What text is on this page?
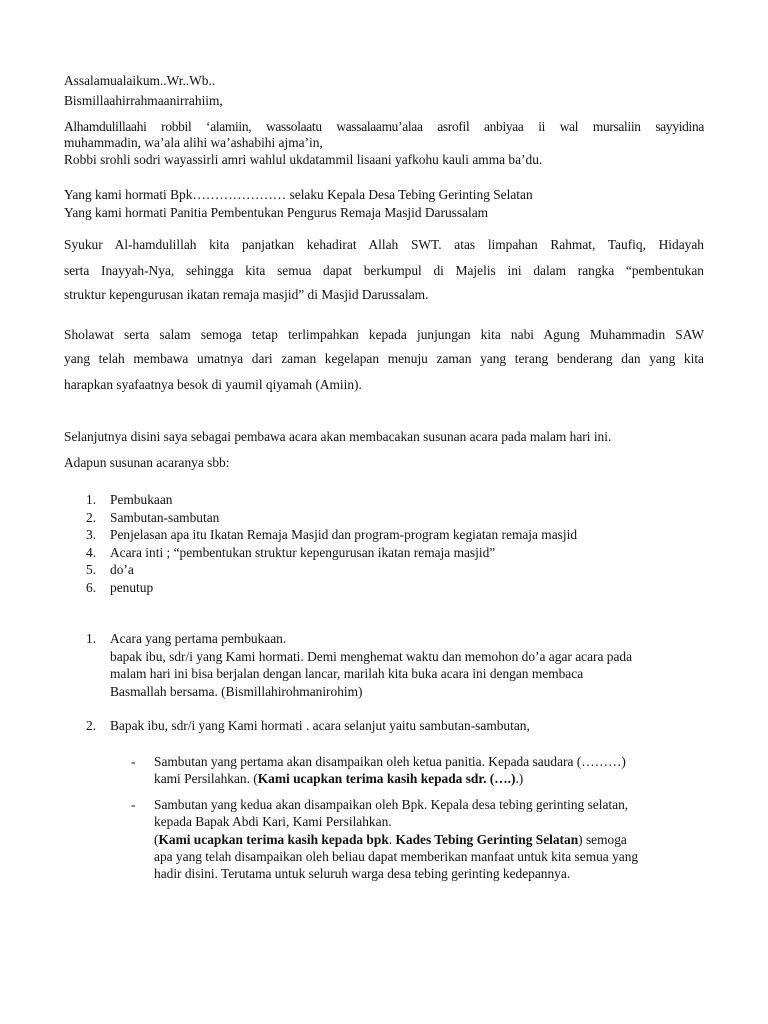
Assalamualaikum..Wr..Wb..
Bismillaahirrahmaanirrahiim,
Alhamdulillaahi robbil ‘alamiin, wassolaatu wassalaamu’alaa asrofil anbiyaa ii wal mursaliin sayyidina
muhammadin, wa’ala alihi wa’ashabihi ajma’in,
Robbi srohli sodri wayassirli amri wahlul ukdatammil lisaani yafkohu kauli amma ba’du.
Yang kami hormati Bpk………………… selaku Kepala Desa Tebing Gerinting Selatan
Yang kami hormati Panitia Pembentukan Pengurus Remaja Masjid Darussalam
Syukur Al-hamdulillah kita panjatkan kehadirat Allah SWT. atas limpahan Rahmat, Taufiq, Hidayah
serta Inayyah-Nya, sehingga kita semua dapat berkumpul di Majelis ini dalam rangka “pembentukan
struktur kepengurusan ikatan remaja masjid” di Masjid Darussalam.
Sholawat serta salam semoga tetap terlimpahkan kepada junjungan kita nabi Agung Muhammadin SAW
yang telah membawa umatnya dari zaman kegelapan menuju zaman yang terang benderang dan yang kita
harapkan syafaatnya besok di yaumil qiyamah (Amiin).
Selanjutnya disini saya sebagai pembawa acara akan membacakan susunan acara pada malam hari ini.
Adapun susunan acaranya sbb:
1. Pembukaan
2. Sambutan-sambutan
3. Penjelasan apa itu Ikatan Remaja Masjid dan program-program kegiatan remaja masjid
4. Acara inti ; “pembentukan struktur kepengurusan ikatan remaja masjid”
5. do’a
6. penutup
1. Acara yang pertama pembukaan.
bapak ibu, sdr/i yang Kami hormati. Demi menghemat waktu dan memohon do’a agar acara pada
malam hari ini bisa berjalan dengan lancar, marilah kita buka acara ini dengan membaca
Basmallah bersama. (Bismillahirohmanirohim)
2. Bapak ibu, sdr/i yang Kami hormati . acara selanjut yaitu sambutan-sambutan,
- Sambutan yang pertama akan disampaikan oleh ketua panitia. Kepada saudara (………)
kami Persilahkan. (Kami ucapkan terima kasih kepada sdr. (….).)
- Sambutan yang kedua akan disampaikan oleh Bpk. Kepala desa tebing gerinting selatan,
kepada Bapak Abdi Kari, Kami Persilahkan.
(Kami ucapkan terima kasih kepada bpk. Kades Tebing Gerinting Selatan) semoga
apa yang telah disampaikan oleh beliau dapat memberikan manfaat untuk kita semua yang
hadir disini. Terutama untuk seluruh warga desa tebing gerinting kedepannya.
